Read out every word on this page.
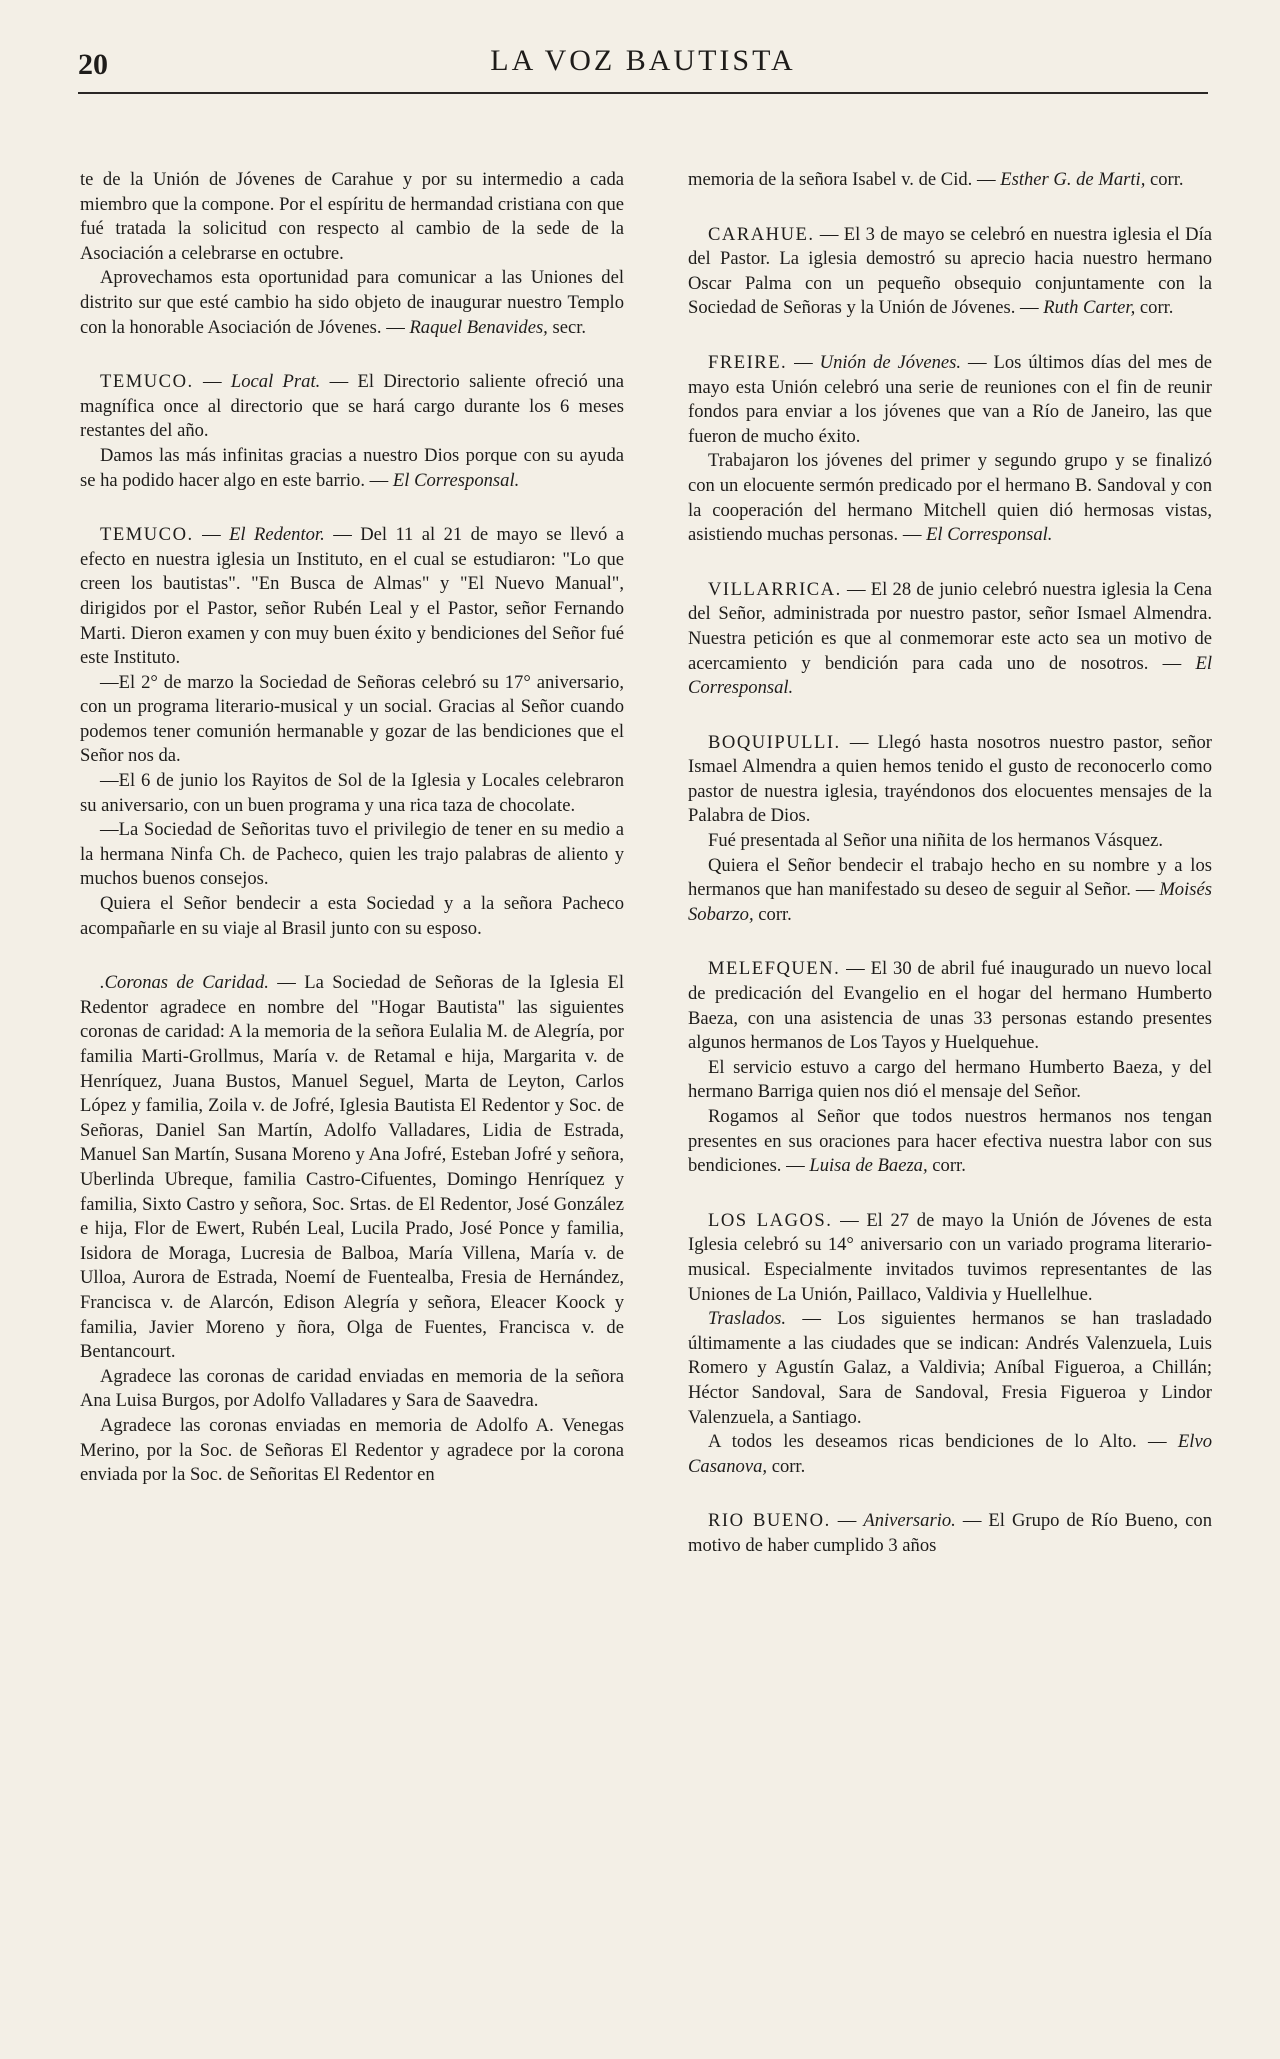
20	LA VOZ BAUTISTA

te de la Unión de Jóvenes de Carahue y por su intermedio a cada miembro que la compone. Por el espíritu de hermandad cristiana con que fué tratada la solicitud con respecto al cambio de la sede de la Asociación a celebrarse en octubre.

Aprovechamos esta oportunidad para comunicar a las Uniones del distrito sur que esté cambio ha sido objeto de inaugurar nuestro Templo con la honorable Asociación de Jóvenes. — Raquel Benavides, secr.

TEMUCO. — Local Prat. — El Directorio saliente ofreció una magnífica once al directorio que se hará cargo durante los 6 meses restantes del año.

Damos las más infinitas gracias a nuestro Dios porque con su ayuda se ha podido hacer algo en este barrio. — El Corresponsal.

TEMUCO. — El Redentor. — Del 11 al 21 de mayo se llevó a efecto en nuestra iglesia un Instituto, en el cual se estudiaron: "Lo que creen los bautistas". "En Busca de Almas" y "El Nuevo Manual", dirigidos por el Pastor, señor Rubén Leal y el Pastor, señor Fernando Marti. Dieron examen y con muy buen éxito y bendiciones del Señor fué este Instituto.

—El 2° de marzo la Sociedad de Señoras celebró su 17° aniversario, con un programa literario-musical y un social. Gracias al Señor cuando podemos tener comunión hermanable y gozar de las bendiciones que el Señor nos da.

—El 6 de junio los Rayitos de Sol de la Iglesia y Locales celebraron su aniversario, con un buen programa y una rica taza de chocolate.

—La Sociedad de Señoritas tuvo el privilegio de tener en su medio a la hermana Ninfa Ch. de Pacheco, quien les trajo palabras de aliento y muchos buenos consejos.

Quiera el Señor bendecir a esta Sociedad y a la señora Pacheco acompañarle en su viaje al Brasil junto con su esposo.

.Coronas de Caridad. — La Sociedad de Señoras de la Iglesia El Redentor agradece en nombre del "Hogar Bautista" las siguientes coronas de caridad: A la memoria de la señora Eulalia M. de Alegría, por familia Marti-Grollmus, María v. de Retamal e hija, Margarita v. de Henríquez, Juana Bustos, Manuel Seguel, Marta de Leyton, Carlos López y familia, Zoila v. de Jofré, Iglesia Bautista El Redentor y Soc. de Señoras, Daniel San Martín, Adolfo Valladares, Lidia de Estrada, Manuel San Martín, Susana Moreno y Ana Jofré, Esteban Jofré y señora, Uberlinda Ubreque, familia Castro-Cifuentes, Domingo Henríquez y familia, Sixto Castro y señora, Soc. Srtas. de El Redentor, José González e hija, Flor de Ewert, Rubén Leal, Lucila Prado, José Ponce y familia, Isidora de Moraga, Lucresia de Balboa, María Villena, María v. de Ulloa, Aurora de Estrada, Noemí de Fuentealba, Fresia de Hernández, Francisca v. de Alarcón, Edison Alegría y señora, Eleacer Koock y familia, Javier Moreno y ñora, Olga de Fuentes, Francisca v. de Bentancourt.

Agradece las coronas de caridad enviadas en memoria de la señora Ana Luisa Burgos, por Adolfo Valladares y Sara de Saavedra.

Agradece las coronas enviadas en memoria de Adolfo A. Venegas Merino, por la Soc. de Señoras El Redentor y agradece por la corona enviada por la Soc. de Señoritas El Redentor en

memoria de la señora Isabel v. de Cid. — Esther G. de Marti, corr.

CARAHUE. — El 3 de mayo se celebró en nuestra iglesia el Día del Pastor. La iglesia demostró su aprecio hacia nuestro hermano Oscar Palma con un pequeño obsequio conjuntamente con la Sociedad de Señoras y la Unión de Jóvenes. — Ruth Carter, corr.

FREIRE. — Unión de Jóvenes. — Los últimos días del mes de mayo esta Unión celebró una serie de reuniones con el fin de reunir fondos para enviar a los jóvenes que van a Río de Janeiro, las que fueron de mucho éxito.

Trabajaron los jóvenes del primer y segundo grupo y se finalizó con un elocuente sermón predicado por el hermano B. Sandoval y con la cooperación del hermano Mitchell quien dió hermosas vistas, asistiendo muchas personas. — El Corresponsal.

VILLARRICA. — El 28 de junio celebró nuestra iglesia la Cena del Señor, administrada por nuestro pastor, señor Ismael Almendra. Nuestra petición es que al conmemorar este acto sea un motivo de acercamiento y bendición para cada uno de nosotros. — El Corresponsal.

BOQUIPULLI. — Llegó hasta nosotros nuestro pastor, señor Ismael Almendra a quien hemos tenido el gusto de reconocerlo como pastor de nuestra iglesia, trayéndonos dos elocuentes mensajes de la Palabra de Dios.

Fué presentada al Señor una niñita de los hermanos Vásquez.

Quiera el Señor bendecir el trabajo hecho en su nombre y a los hermanos que han manifestado su deseo de seguir al Señor. — Moisés Sobarzo, corr.

MELEFQUEN. — El 30 de abril fué inaugurado un nuevo local de predicación del Evangelio en el hogar del hermano Humberto Baeza, con una asistencia de unas 33 personas estando presentes algunos hermanos de Los Tayos y Huelquehue.

El servicio estuvo a cargo del hermano Humberto Baeza, y del hermano Barriga quien nos dió el mensaje del Señor.

Rogamos al Señor que todos nuestros hermanos nos tengan presentes en sus oraciones para hacer efectiva nuestra labor con sus bendiciones. — Luisa de Baeza, corr.

LOS LAGOS. — El 27 de mayo la Unión de Jóvenes de esta Iglesia celebró su 14° aniversario con un variado programa literario-musical. Especialmente invitados tuvimos representantes de las Uniones de La Unión, Paillaco, Valdivia y Huellelhue.

Traslados. — Los siguientes hermanos se han trasladado últimamente a las ciudades que se indican: Andrés Valenzuela, Luis Romero y Agustín Galaz, a Valdivia; Aníbal Figueroa, a Chillán; Héctor Sandoval, Sara de Sandoval, Fresia Figueroa y Lindor Valenzuela, a Santiago.

A todos les deseamos ricas bendiciones de lo Alto. — Elvo Casanova, corr.

RIO BUENO. — Aniversario. — El Grupo de Río Bueno, con motivo de haber cumplido 3 años
